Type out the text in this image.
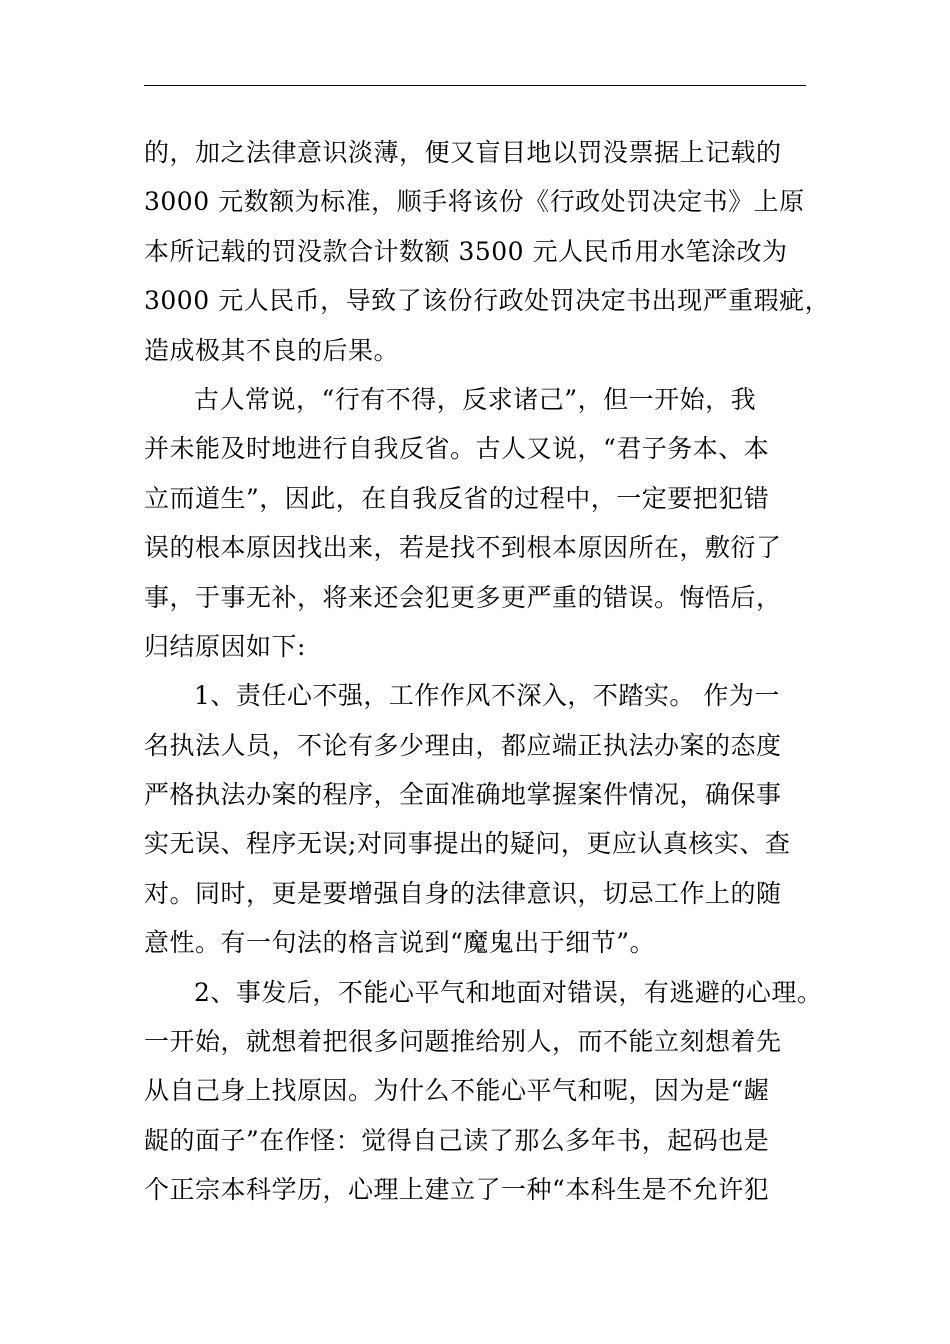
的，加之法律意识淡薄，便又盲目地以罚没票据上记载的
3000 元数额为标准，顺手将该份《行政处罚决定书》上原
本所记载的罚没款合计数额 3500 元人民币用水笔涂改为
3000 元人民币，导致了该份行政处罚决定书出现严重瑕疵，
造成极其不良的后果。
古人常说，“行有不得，反求诸己”，但一开始，我
并未能及时地进行自我反省。古人又说，“君子务本、本
立而道生”，因此，在自我反省的过程中，一定要把犯错
误的根本原因找出来，若是找不到根本原因所在，敷衍了
事，于事无补，将来还会犯更多更严重的错误。悔悟后，
归结原因如下:
1、责任心不强，工作作风不深入，不踏实。 作为一
名执法人员，不论有多少理由，都应端正执法办案的态度
严格执法办案的程序，全面准确地掌握案件情况，确保事
实无误、程序无误;对同事提出的疑问，更应认真核实、查
对。同时，更是要增强自身的法律意识，切忌工作上的随
意性。有一句法的格言说到“魔鬼出于细节”。
2、事发后，不能心平气和地面对错误，有逃避的心理。
一开始，就想着把很多问题推给别人，而不能立刻想着先
从自己身上找原因。为什么不能心平气和呢，因为是“龌
龊的面子”在作怪：觉得自己读了那么多年书，起码也是
个正宗本科学历，心理上建立了一种“本科生是不允许犯
